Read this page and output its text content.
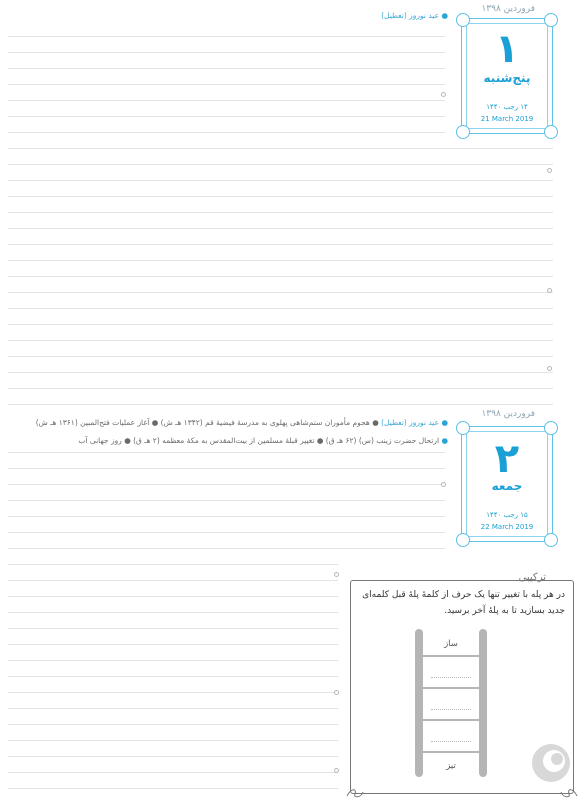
فروردین ۱۳۹۸
● عید نوروز (تعطیل)
۱
پنج‌شنبه
۱۴ رجب ۱۴۴۰
21 March 2019
فروردین ۱۳۹۸
● عید نوروز (تعطیل) ● هجوم مأموران ستم‌شاهی پهلوی به مدرسهٔ فیضیهٔ قم (۱۳۴۲ هـ ش) ● آغاز عملیات فتح‌المبین (۱۳۶۱ هـ ش)
● ارتحال حضرت زینب (س) (۶۲ هـ ق) ● تغییر قبلهٔ مسلمین از بیت‌المقدس به مکهٔ معظمه (۲ هـ ق) ● روز جهانی آب	۲
جمعه
۱۵ رجب ۱۴۴۰
22 March 2019
ترکیبی
در هر پله با تغییر تنها یک حرف از کلمهٔ پلهٔ قبل کلمه‌ای جدید بسازید تا به پلهٔ آخر برسید.
ساز
تیز
